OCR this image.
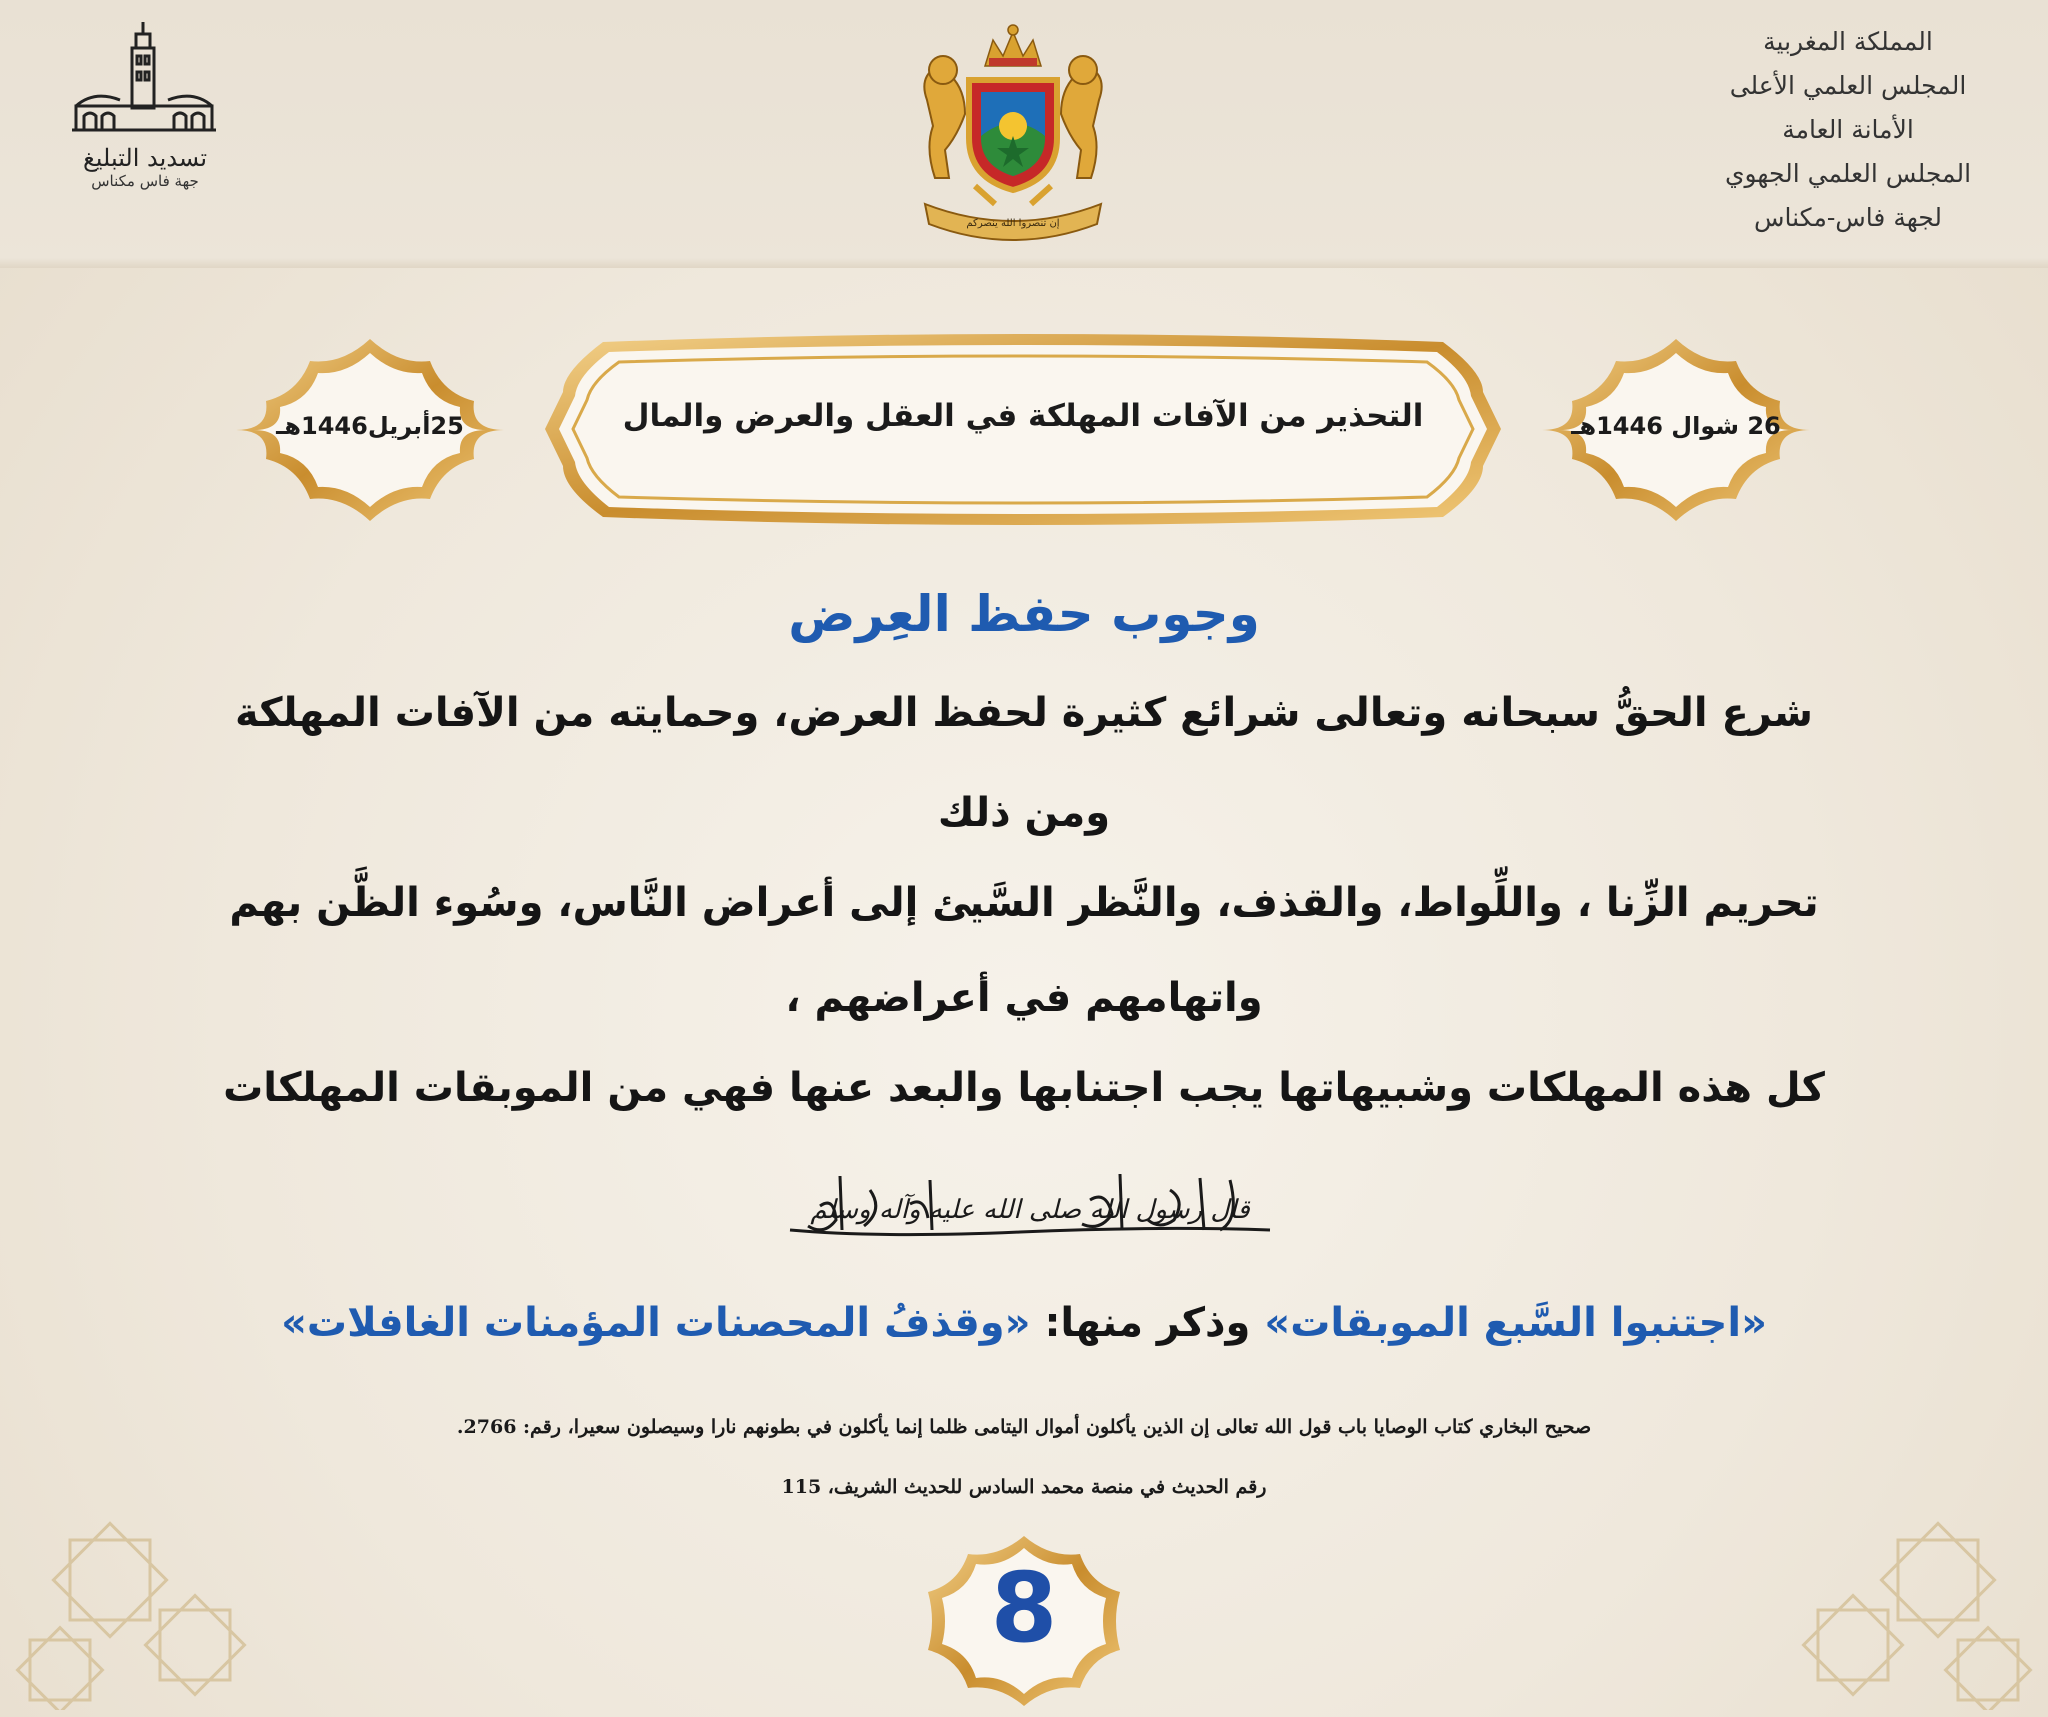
تسديد التبليغ
جهة فاس مكناس
إن تنصروا الله ينصركم
المملكة المغربية
المجلس العلمي الأعلى
الأمانة العامة
المجلس العلمي الجهوي
لجهة فاس-مكناس
التحذير من الآفات المهلكة في العقل والعرض والمال	26 شوال 1446هـ
25أبريل1446هـ
وجوب حفظ العِرض
شرع الحقُّ سبحانه وتعالى شرائع كثيرة لحفظ العرض، وحمايته من الآفات المهلكة
ومن ذلك
تحريم الزِّنا ، واللِّواط، والقذف، والنَّظر السَّيئ إلى أعراض النَّاس، وسُوء الظَّن بهم
واتهامهم في أعراضهم ،
كل هذه المهلكات وشبيهاتها يجب اجتنابها والبعد عنها فهي من الموبقات المهلكات
قال رسول الله صلى الله عليه وآله وسلم
«اجتنبوا السَّبع الموبقات» وذكر منها: «وقذفُ المحصنات المؤمنات الغافلات»
صحيح البخاري كتاب الوصايا باب قول الله تعالى إن الذين يأكلون أموال اليتامى ظلما إنما يأكلون في بطونهم نارا وسيصلون سعيرا، رقم: 2766.
رقم الحديث في منصة محمد السادس للحديث الشريف، 115
8
